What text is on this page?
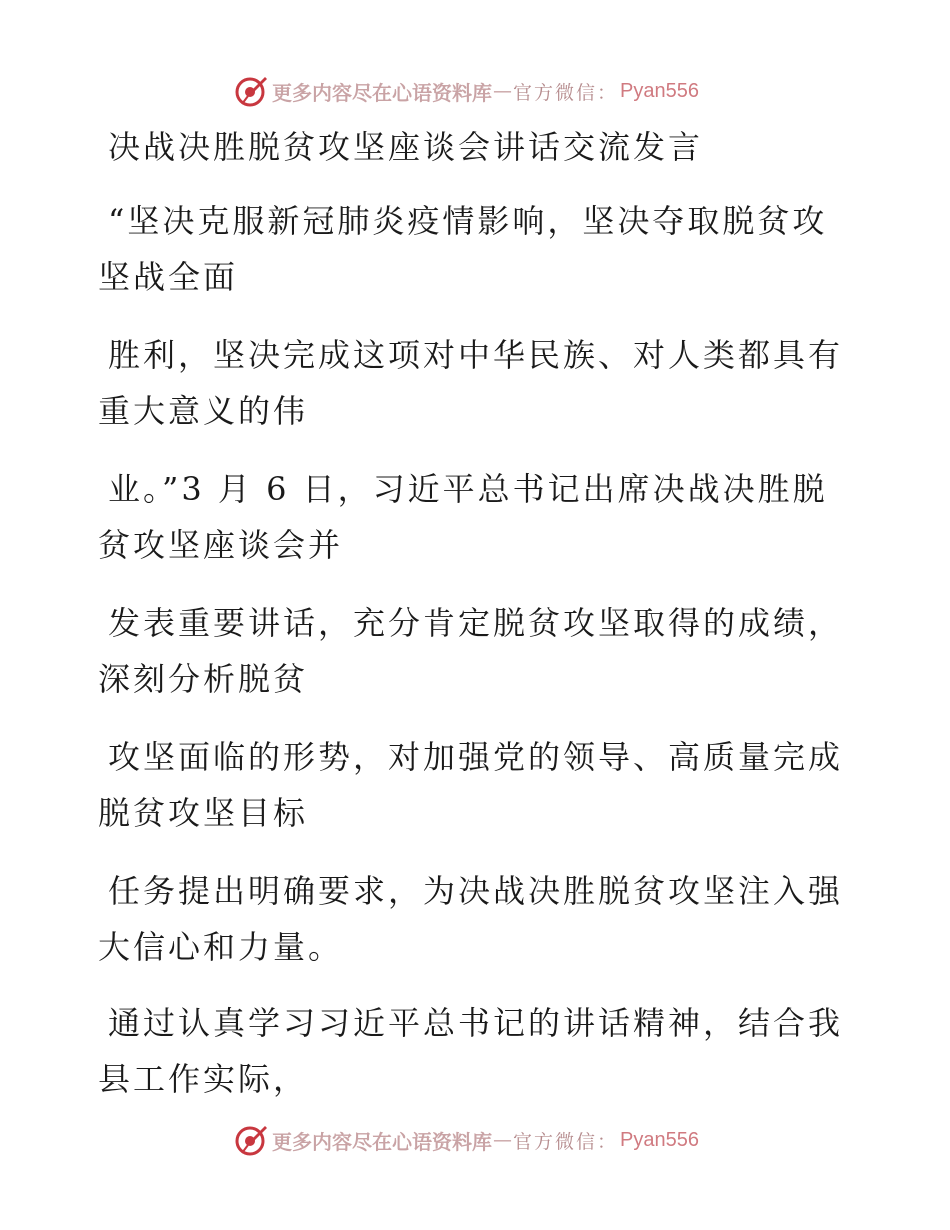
更多内容尽在心语资料库 — 官方微信： Pyan556
决战决胜脱贫攻坚座谈会讲话交流发言
“坚决克服新冠肺炎疫情影响，坚决夺取脱贫攻
坚战全面
胜利，坚决完成这项对中华民族、对人类都具有
重大意义的伟
业。”3 月 6 日，习近平总书记出席决战决胜脱
贫攻坚座谈会并
发表重要讲话，充分肯定脱贫攻坚取得的成绩，
深刻分析脱贫
攻坚面临的形势，对加强党的领导、高质量完成
脱贫攻坚目标
任务提出明确要求，为决战决胜脱贫攻坚注入强
大信心和力量。
通过认真学习习近平总书记的讲话精神，结合我
县工作实际，
更多内容尽在心语资料库 — 官方微信： Pyan556
